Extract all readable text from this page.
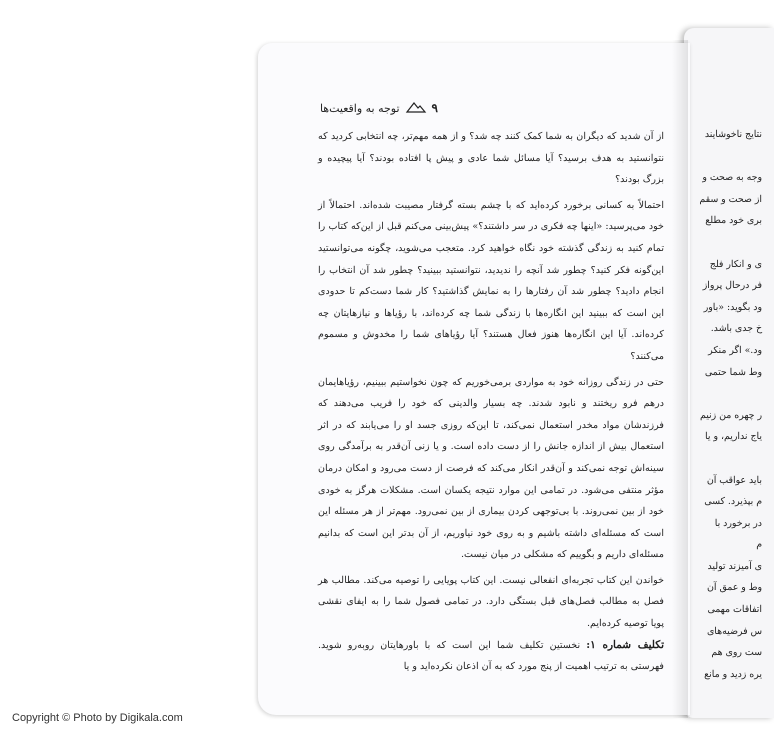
۹
توجه به واقعیت‌ها

از آن شدید که دیگران به شما کمک کنند چه شد؟ و از همه مهم‌تر، چه انتخابی کردید که نتوانستید به هدف برسید؟ آیا مسائل شما عادی و پیش پا افتاده بودند؟ آیا پیچیده و بزرگ بودند؟

احتمالاً به کسانی برخورد کرده‌اید که با چشم بسته گرفتار مصیبت شده‌اند. احتمالاً از خود می‌پرسید: «اینها چه فکری در سر داشتند؟» پیش‌بینی می‌کنم قبل از این‌که کتاب را تمام کنید به زندگی گذشته خود نگاه خواهید کرد. متعجب می‌شوید، چگونه می‌توانستید این‌گونه فکر کنید؟ چطور شد آنچه را ندیدید، نتوانستید ببینید؟ چطور شد آن انتخاب را انجام دادید؟ چطور شد آن رفتارها را به نمایش گذاشتید؟ کار شما دست‌کم تا حدودی این است که ببینید این انگاره‌ها با زندگی شما چه کرده‌اند، با رؤیاها و نیازهایتان چه کرده‌اند. آیا این انگاره‌ها هنوز فعال هستند؟ آیا رؤیاهای شما را مخدوش و مسموم می‌کنند؟

حتی در زندگی روزانه خود به مواردی برمی‌خوریم که چون نخواستیم ببینیم، رؤیاهایمان درهم فرو ریختند و نابود شدند. چه بسیار والدینی که خود را فریب می‌دهند که فرزندشان مواد مخدر استعمال نمی‌کند، تا این‌که روزی جسد او را می‌یابند که در اثر استعمال بیش از اندازه جانش را از دست داده است. و یا زنی آن‌قدر به برآمدگی روی سینه‌اش توجه نمی‌کند و آن‌قدر انکار می‌کند که فرصت از دست می‌رود و امکان درمان مؤثر منتفی می‌شود. در تمامی این موارد نتیجه یکسان است. مشکلات هرگز به خودی خود از بین نمی‌روند. با بی‌توجهی کردن بیماری از بین نمی‌رود. مهم‌تر از هر مسئله این است که مسئله‌ای داشته باشیم و به روی خود نیاوریم، از آن بدتر این است که بدانیم مسئله‌ای داریم و بگوییم که مشکلی در میان نیست.

خواندن این کتاب تجربه‌ای انفعالی نیست. این کتاب پویایی را توصیه می‌کند. مطالب هر فصل به مطالب فصل‌های قبل بستگی دارد. در تمامی فصول شما را به ایفای نقشی پویا توصیه کرده‌ایم.

تکلیف شماره ۱: نخستین تکلیف شما این است که با باورهایتان روبه‌رو شوید. فهرستی به ترتیب اهمیت از پنج مورد که به آن اذعان نکرده‌اید و یا

نتایج ناخوشایند
وجه به صحت و
از صحت و سقم
بری خود مطلع
ی و انکار فلج
فر درحال پرواز
ود بگوید: «باور
خ جدی باشد.
ود.» اگر منکر
وط شما حتمی
ر چهره من زنیم
یاج نداریم، و یا
باید عواقب آن
م بپذیرد. کسی
در برخورد با
م
ی آمیزند تولید
وط و عمق آن
اتفاقات مهمی
س فرضیه‌های
ست روی هم
یره زدید و مانع
Copyright © Photo by Digikala.com
